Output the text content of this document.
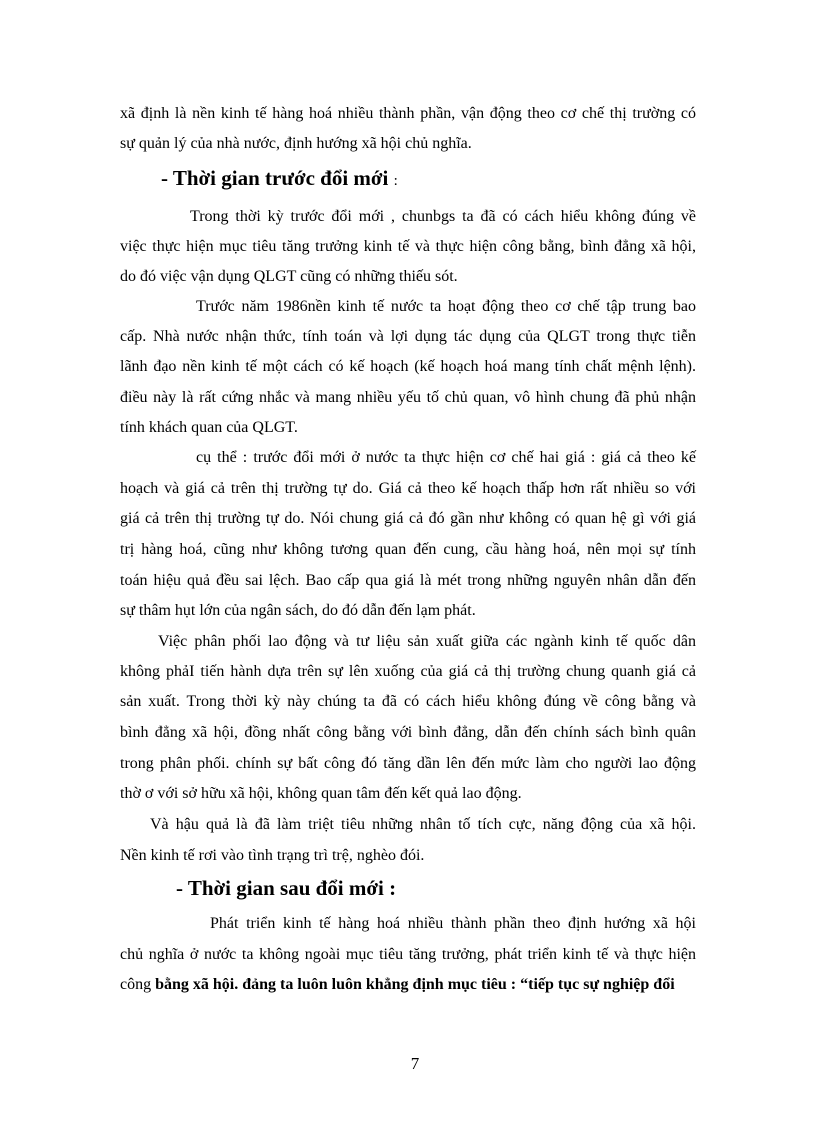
xã định là nền kinh tế hàng hoá nhiều thành phần, vận động theo cơ chế thị trường có
sự quản lý của nhà nước, định hướng xã hội chủ nghĩa.
- Thời gian trước đổi mới :
Trong thời kỳ trước đổi mới , chunbgs ta đã có cách hiểu không đúng về
việc thực hiện mục tiêu tăng trưởng kinh tế và thực hiện công bằng, bình đẳng xã hội,
do đó việc vận dụng QLGT cũng có những thiếu sót.
Trước năm 1986nền kinh tế nước ta hoạt động theo cơ chế tập trung bao
cấp. Nhà nước nhận thức, tính toán và lợi dụng tác dụng của QLGT trong thực tiễn
lãnh đạo nền kinh tế một cách có kế hoạch (kế hoạch hoá mang tính chất mệnh lệnh).
điều này là rất cứng nhắc và mang nhiều yếu tố chủ quan, vô hình chung đã phủ nhận
tính khách quan của QLGT.
cụ thể : trước đổi mới ở nước ta thực hiện cơ chế hai giá : giá cả theo kế
hoạch và giá cả trên thị trường tự do. Giá cả theo kế hoạch thấp hơn rất nhiều so với
giá cả trên thị trường tự do. Nói chung giá cả đó gần như không có quan hệ gì với giá
trị hàng hoá, cũng như không tương quan đến cung, cầu hàng hoá, nên mọi sự tính
toán hiệu quả đều sai lệch. Bao cấp qua giá là mét trong những nguyên nhân dẫn đến
sự thâm hụt lớn của ngân sách, do đó dẫn đến lạm phát.
Việc phân phối lao động và tư liệu sản xuất giữa các ngành kinh tế quốc dân
không phảI tiến hành dựa trên sự lên xuống của giá cả thị trường chung quanh giá cả
sản xuất. Trong thời kỳ này chúng ta đã có cách hiểu không đúng về công bằng và
bình đẳng xã hội, đồng nhất công bằng với bình đẳng, dẫn đến chính sách bình quân
trong phân phối. chính sự bất công đó tăng dần lên đến mức làm cho người lao động
thờ ơ với sở hữu xã hội, không quan tâm đến kết quả lao động.
Và hậu quả là đã làm triệt tiêu những nhân tố tích cực, năng động của xã hội.
Nền kinh tế rơi vào tình trạng trì trệ, nghèo đói.
- Thời gian sau đổi mới :
Phát triển kinh tế hàng hoá nhiều thành phần theo định hướng xã hội
chủ nghĩa ở nước ta không ngoài mục tiêu tăng trưởng, phát triển kinh tế và thực hiện
công bằng xã hội. đảng ta luôn luôn khẳng định mục tiêu : “tiếp tục sự nghiệp đổi
7
